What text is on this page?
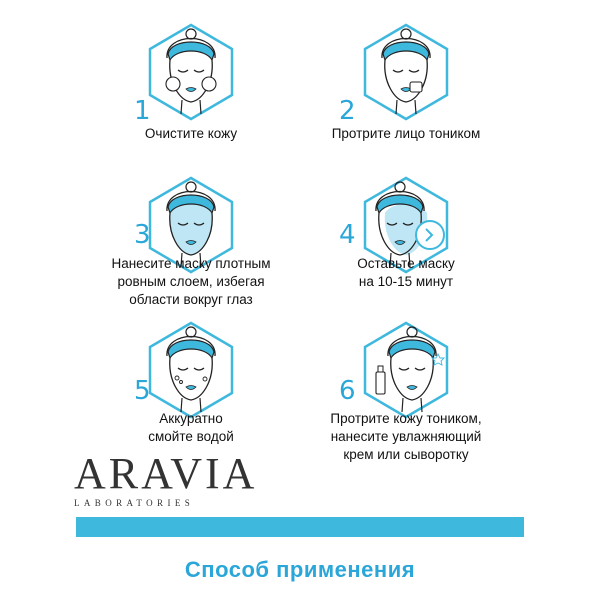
1
Очистите кожу
2
Протрите лицо тоником
3
Нанесите маску плотным
ровным слоем, избегая
области вокруг глаз
4
Оставьте маску
на 10-15 минут
5
Аккуратно
смойте водой
6
Протрите кожу тоником,
нанесите увлажняющий
крем или сыворотку
ARAVIA
LABORATORIES
Способ применения
